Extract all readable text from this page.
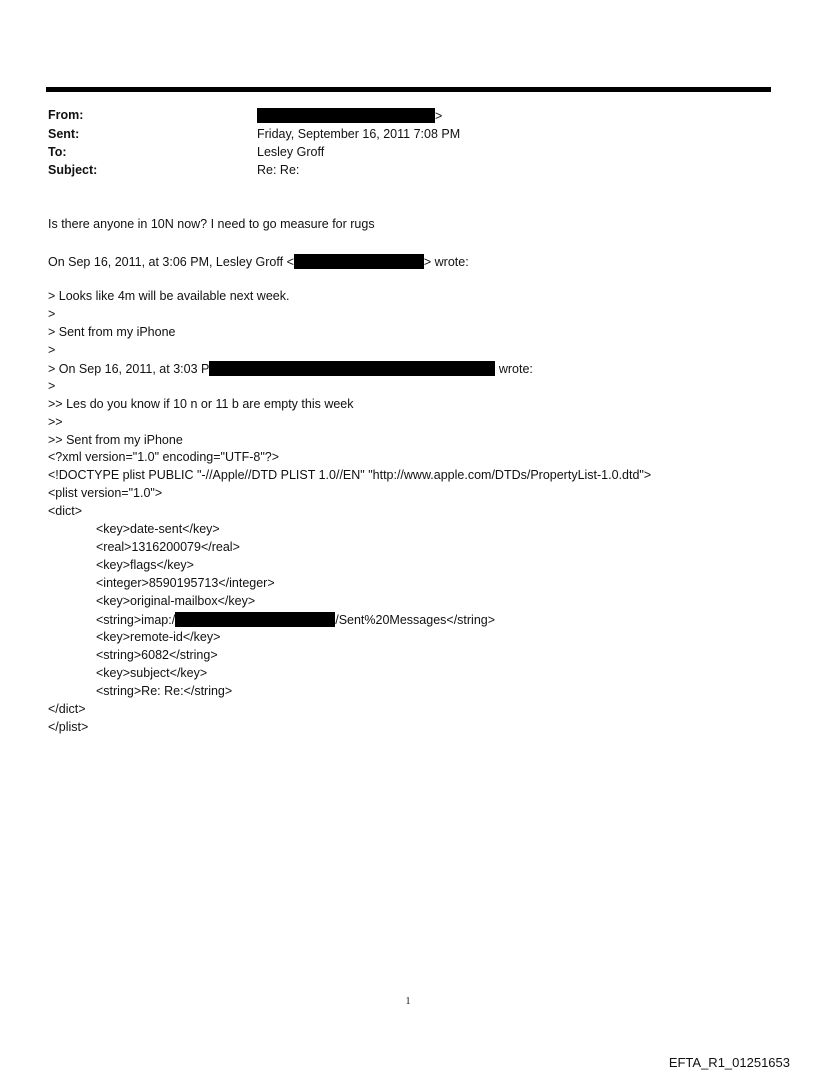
From:	>
Sent:	Friday, September 16, 2011 7:08 PM
To:	Lesley Groff
Subject:	Re: Re:
Is there anyone in 10N now? I need to go measure for rugs
On Sep 16, 2011, at 3:06 PM, Lesley Groff <	> wrote:
> Looks like 4m will be available next week.
>
> Sent from my iPhone
>
> On Sep 16, 2011, at 3:03 P	wrote:
>
>> Les do you know if 10 n or 11 b are empty this week
>>
>> Sent from my iPhone
<?xml version="1.0" encoding="UTF-8"?>
<!DOCTYPE plist PUBLIC "-//Apple//DTD PLIST 1.0//EN" "http://www.apple.com/DTDs/PropertyList-1.0.dtd">
<plist version="1.0">
<dict>
<key>date-sent</key>
<real>1316200079</real>
<key>flags</key>
<integer>8590195713</integer>
<key>original-mailbox</key>
<string>imap:/	/Sent%20Messages</string>
<key>remote-id</key>
<string>6082</string>
<key>subject</key>
<string>Re: Re:</string>
</dict>
</plist>
1
EFTA_R1_01251653
